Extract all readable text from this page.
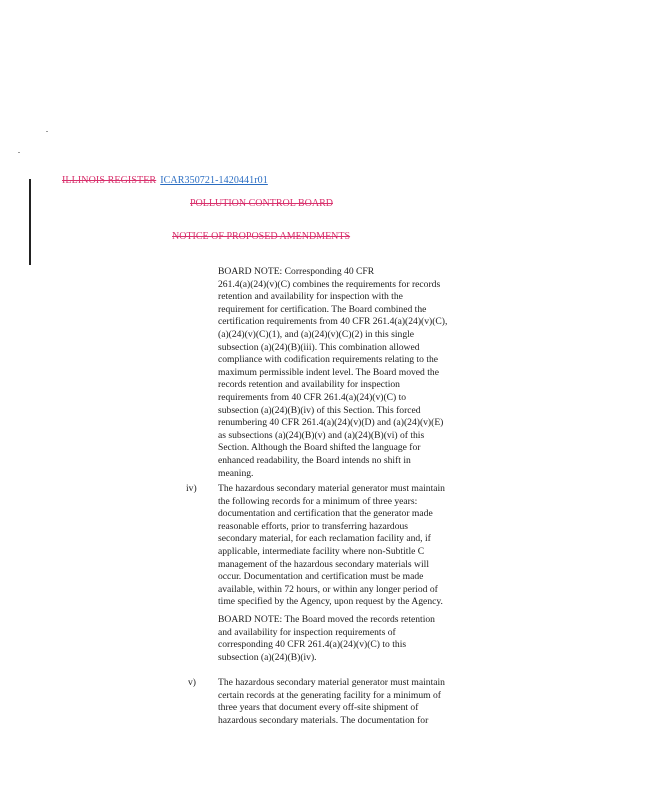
ILLINOIS REGISTER ICAR350721-1420441r01
POLLUTION CONTROL BOARD
NOTICE OF PROPOSED AMENDMENTS
BOARD NOTE: Corresponding 40 CFR
261.4(a)(24)(v)(C) combines the requirements for records
retention and availability for inspection with the
requirement for certification. The Board combined the
certification requirements from 40 CFR 261.4(a)(24)(v)(C),
(a)(24)(v)(C)(1), and (a)(24)(v)(C)(2) in this single
subsection (a)(24)(B)(iii). This combination allowed
compliance with codification requirements relating to the
maximum permissible indent level. The Board moved the
records retention and availability for inspection
requirements from 40 CFR 261.4(a)(24)(v)(C) to
subsection (a)(24)(B)(iv) of this Section. This forced
renumbering 40 CFR 261.4(a)(24)(v)(D) and (a)(24)(v)(E)
as subsections (a)(24)(B)(v) and (a)(24)(B)(vi) of this
Section. Although the Board shifted the language for
enhanced readability, the Board intends no shift in
meaning.
iv) The hazardous secondary material generator must maintain
the following records for a minimum of three years:
documentation and certification that the generator made
reasonable efforts, prior to transferring hazardous
secondary material, for each reclamation facility and, if
applicable, intermediate facility where non-Subtitle C
management of the hazardous secondary materials will
occur. Documentation and certification must be made
available, within 72 hours, or within any longer period of
time specified by the Agency, upon request by the Agency.
BOARD NOTE: The Board moved the records retention
and availability for inspection requirements of
corresponding 40 CFR 261.4(a)(24)(v)(C) to this
subsection (a)(24)(B)(iv).
v) The hazardous secondary material generator must maintain
certain records at the generating facility for a minimum of
three years that document every off-site shipment of
hazardous secondary materials. The documentation for
